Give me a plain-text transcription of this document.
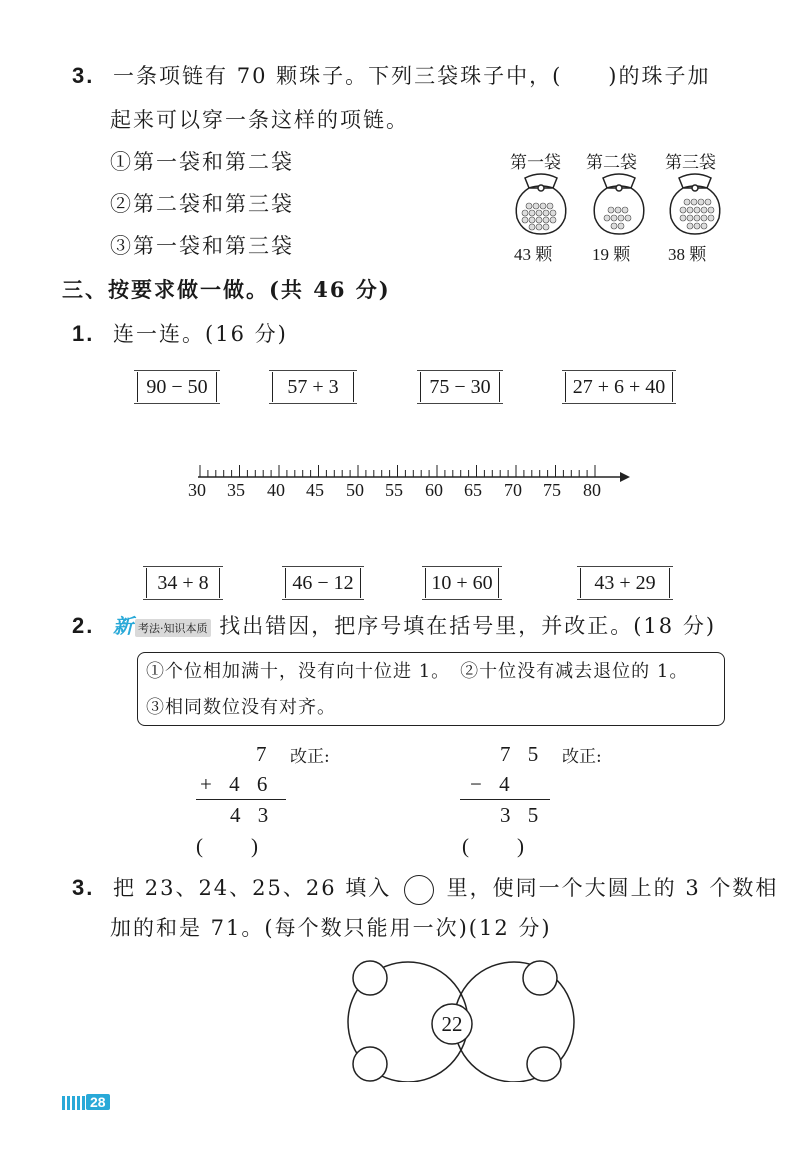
3. 一条项链有 70 颗珠子。下列三袋珠子中，(　　)的珠子加
起来可以穿一条这样的项链。
①第一袋和第二袋
②第二袋和第三袋
③第一袋和第三袋
第一袋 第二袋 第三袋
43 颗 19 颗 38 颗
三、按要求做一做。(共 46 分)
1. 连一连。(16 分)
90 − 50	57 + 3	75 − 30	27 + 6 + 40
30 35 40 45 50 55 60 65 70 75 80
34 + 8	46 − 12	10 + 60	43 + 29
2. 新 考法·知识本质 找出错因，把序号填在括号里，并改正。(18 分)
①个位相加满十，没有向十位进 1。　②十位没有减去退位的 1。
③相同数位没有对齐。
7 改正:
+ 4 6
4 3
(　　)
7 5 改正:
− 4
3 5
(　　)
3. 把 23、24、25、26 填入	里，使同一个大圆上的 3 个数相
加的和是 71。(每个数只能用一次)(12 分)
22
28
